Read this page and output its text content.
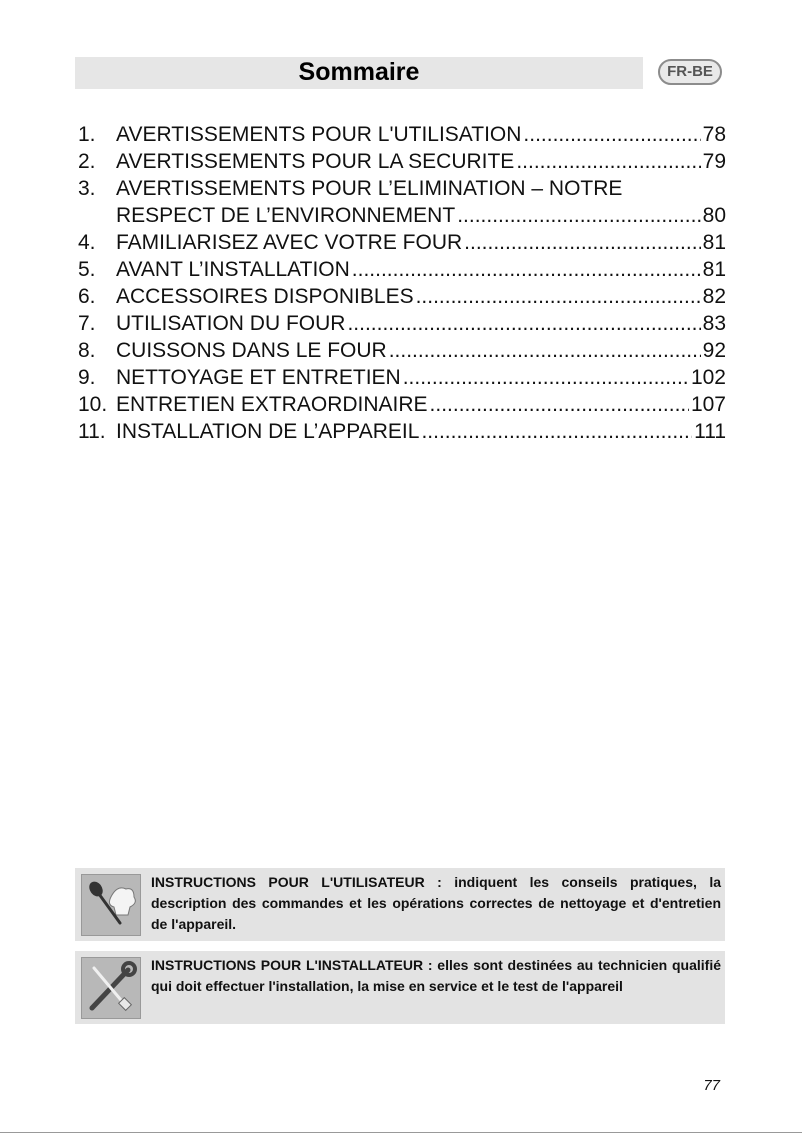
Sommaire	FR-BE
1. AVERTISSEMENTS POUR L'UTILISATION .....	78
2. AVERTISSEMENTS POUR LA SECURITE .....	79
3. AVERTISSEMENTS POUR L’ELIMINATION – NOTRE
RESPECT DE L’ENVIRONNEMENT .....	80
4. FAMILIARISEZ AVEC VOTRE FOUR .....	81
5. AVANT L’INSTALLATION .....	81
6. ACCESSOIRES DISPONIBLES .....	82
7. UTILISATION DU FOUR .....	83
8. CUISSONS DANS LE FOUR .....	92
9. NETTOYAGE ET ENTRETIEN .....	102
10. ENTRETIEN EXTRAORDINAIRE .....	107
11. INSTALLATION DE L’APPAREIL .....	111
INSTRUCTIONS POUR L'UTILISATEUR : indiquent les conseils pratiques, la description des commandes et les opérations correctes de nettoyage et d'entretien de l'appareil.
INSTRUCTIONS POUR L'INSTALLATEUR : elles sont destinées au technicien qualifié qui doit effectuer l'installation, la mise en service et le test de l'appareil
77
